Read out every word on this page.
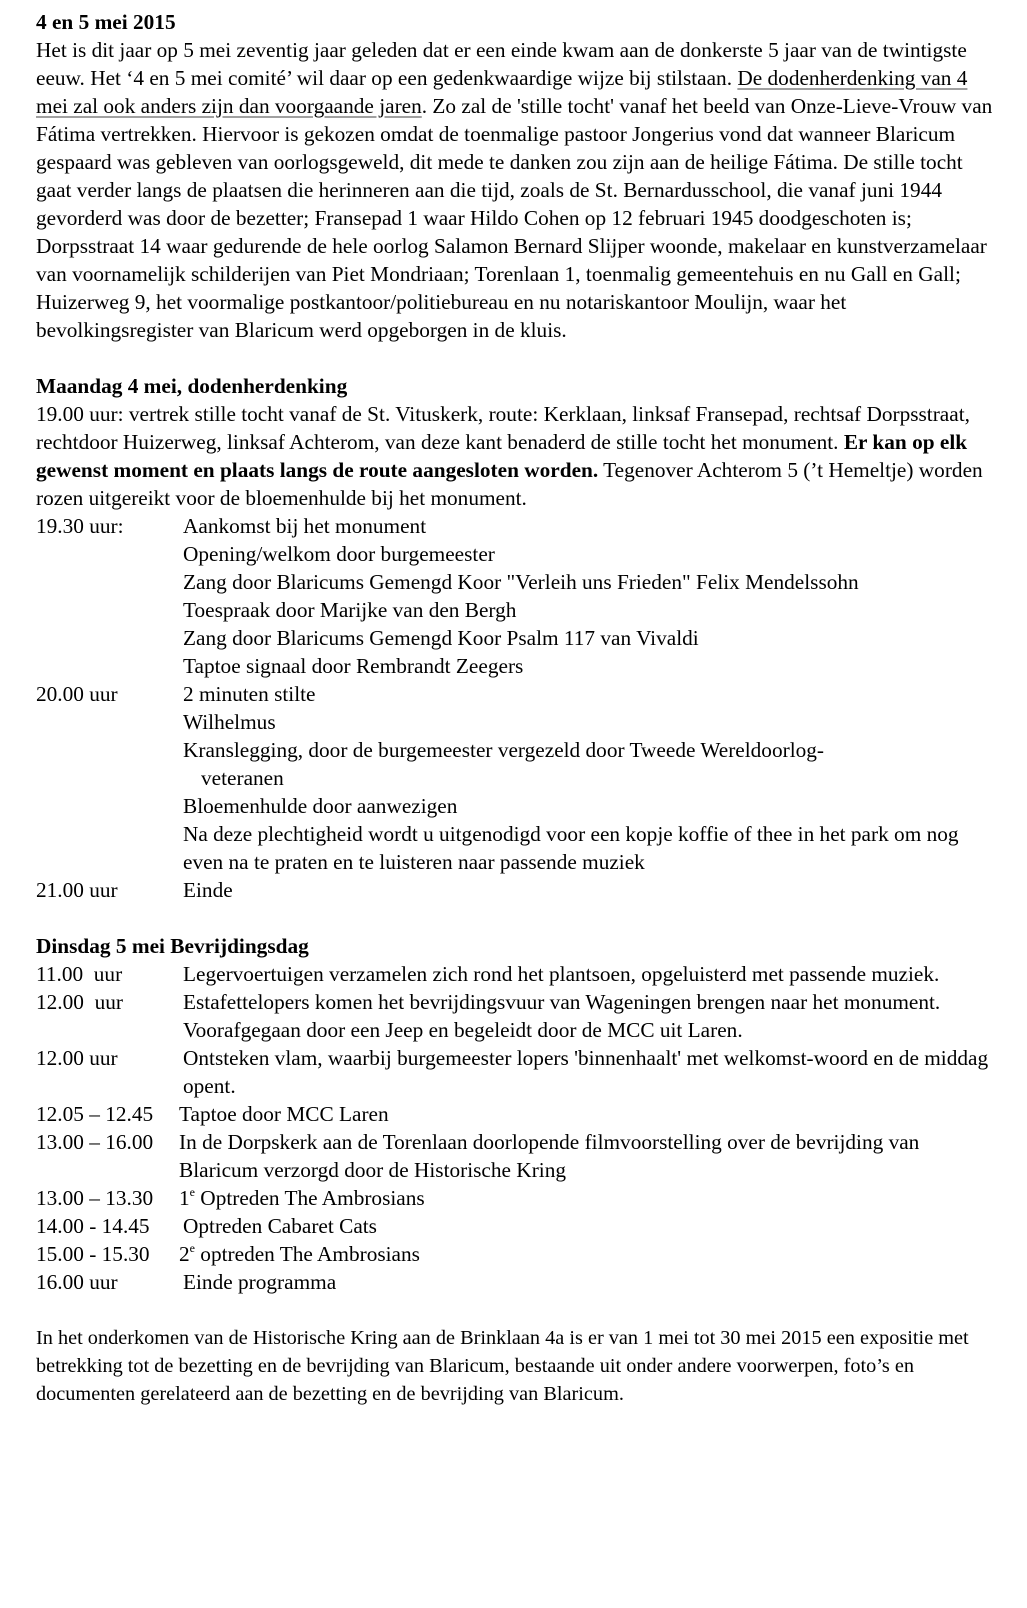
4 en 5 mei 2015

Het is dit jaar op 5 mei zeventig jaar geleden dat er een einde kwam aan de donkerste 5 jaar van de twintigste eeuw. Het ‘4 en 5 mei comité’ wil daar op een gedenkwaardige wijze bij stilstaan. De dodenherdenking van 4 mei zal ook anders zijn dan voorgaande jaren. Zo zal de 'stille tocht' vanaf het beeld van Onze-Lieve-Vrouw van Fátima vertrekken. Hiervoor is gekozen omdat de toenmalige pastoor Jongerius vond dat wanneer Blaricum gespaard was gebleven van oorlogsgeweld, dit mede te danken zou zijn aan de heilige Fátima. De stille tocht gaat verder langs de plaatsen die herinneren aan die tijd, zoals de St. Bernardusschool, die vanaf juni 1944 gevorderd was door de bezetter; Fransepad 1 waar Hildo Cohen op 12 februari 1945 doodgeschoten is; Dorpsstraat 14 waar gedurende de hele oorlog Salamon Bernard Slijper woonde, makelaar en kunstverzamelaar van voornamelijk schilderijen van Piet Mondriaan; Torenlaan 1, toenmalig gemeentehuis en nu Gall en Gall; Huizerweg 9, het voormalige postkantoor/politiebureau en nu notariskantoor Moulijn, waar het bevolkingsregister van Blaricum werd opgeborgen in de kluis.

Maandag 4 mei, dodenherdenking

19.00 uur: vertrek stille tocht vanaf de St. Vituskerk, route: Kerklaan, linksaf Fransepad, rechtsaf Dorpsstraat, rechtdoor Huizerweg, linksaf Achterom, van deze kant benaderd de stille tocht het monument. Er kan op elk gewenst moment en plaats langs de route aangesloten worden. Tegenover Achterom 5 (’t Hemeltje) worden rozen uitgereikt voor de bloemenhulde bij het monument.

19.30 uur:	Aankomst bij het monument
Opening/welkom door burgemeester
Zang door Blaricums Gemengd Koor "Verleih uns Frieden" Felix Mendelssohn
Toespraak door Marijke van den Bergh
Zang door Blaricums Gemengd Koor Psalm 117 van Vivaldi
Taptoe signaal door Rembrandt Zeegers
20.00 uur	2 minuten stilte
Wilhelmus
Kranslegging, door de burgemeester vergezeld door Tweede Wereldoorlog-
veteranen
Bloemenhulde door aanwezigen
Na deze plechtigheid wordt u uitgenodigd voor een kopje koffie of thee in het park om nog even na te praten en te luisteren naar passende muziek
21.00 uur	Einde
Dinsdag 5 mei Bevrijdingsdag
11.00  uur	Legervoertuigen verzamelen zich rond het plantsoen, opgeluisterd met passende muziek.
12.00  uur	Estafettelopers komen het bevrijdingsvuur van Wageningen brengen naar het monument. Voorafgegaan door een Jeep en begeleidt door de MCC uit Laren.
12.00 uur	Ontsteken vlam, waarbij burgemeester lopers 'binnenhaalt' met welkomst-woord en de middag opent.
12.05 – 12.45	Taptoe door MCC Laren
13.00 – 16.00	In de Dorpskerk aan de Torenlaan doorlopende filmvoorstelling over de bevrijding van Blaricum verzorgd door de Historische Kring
13.00 – 13.30	1e Optreden The Ambrosians
14.00 - 14.45	Optreden Cabaret Cats
15.00 - 15.30	2e optreden The Ambrosians
16.00 uur	Einde programma

In het onderkomen van de Historische Kring aan de Brinklaan 4a is er van 1 mei tot 30 mei 2015 een expositie met betrekking tot de bezetting en de bevrijding van Blaricum, bestaande uit onder andere voorwerpen, foto’s en documenten gerelateerd aan de bezetting en de bevrijding van Blaricum.
